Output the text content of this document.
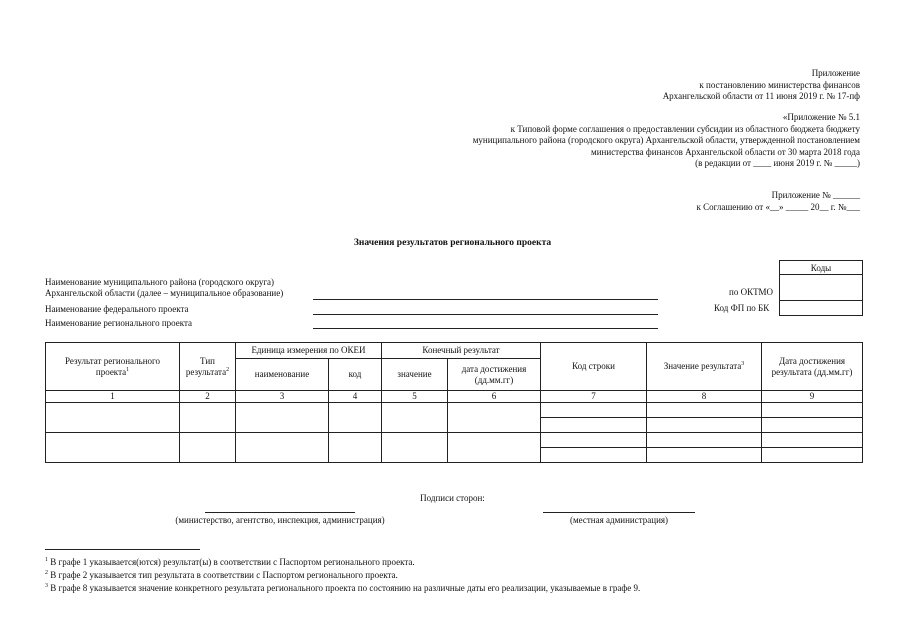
Приложение
к постановлению министерства финансов
Архангельской области от 11 июня 2019 г. № 17-пф
«Приложение № 5.1
к Типовой форме соглашения о предоставлении субсидии из областного бюджета бюджету
муниципального района (городского округа) Архангельской области, утвержденной постановлением
министерства финансов Архангельской области от 30 марта 2018 года
(в редакции от ____ июня 2019 г. № _____)
Приложение № ______
к Соглашению от «__» _____ 20__ г. №___
Значения результатов регионального проекта
Наименование муниципального района (городского округа)
Архангельской области (далее – муниципальное образование)
Наименование федерального проекта
Наименование регионального проекта
по ОКТМО
Код ФП по БК
Коды

Результат регионального проекта$^1$	Тип результата$^2$	Единица измерения по ОКЕИ		Конечный результат		Код строки	Значение результата$^3$	Дата достижения результата (дд.мм.гг)
		наименование	код	значение	дата достижения (дд.мм.гг)			
1	2	3	4	5	6	7	8	9

Подписи сторон:
(министерство, агентство, инспекция, администрация)	(местная администрация)
$^1$ В графе 1 указывается(ются) результат(ы) в соответствии с Паспортом регионального проекта.
$^2$ В графе 2 указывается тип результата в соответствии с Паспортом регионального проекта.
$^3$ В графе 8 указывается значение конкретного результата регионального проекта по состоянию на различные даты его реализации, указываемые в графе 9.
